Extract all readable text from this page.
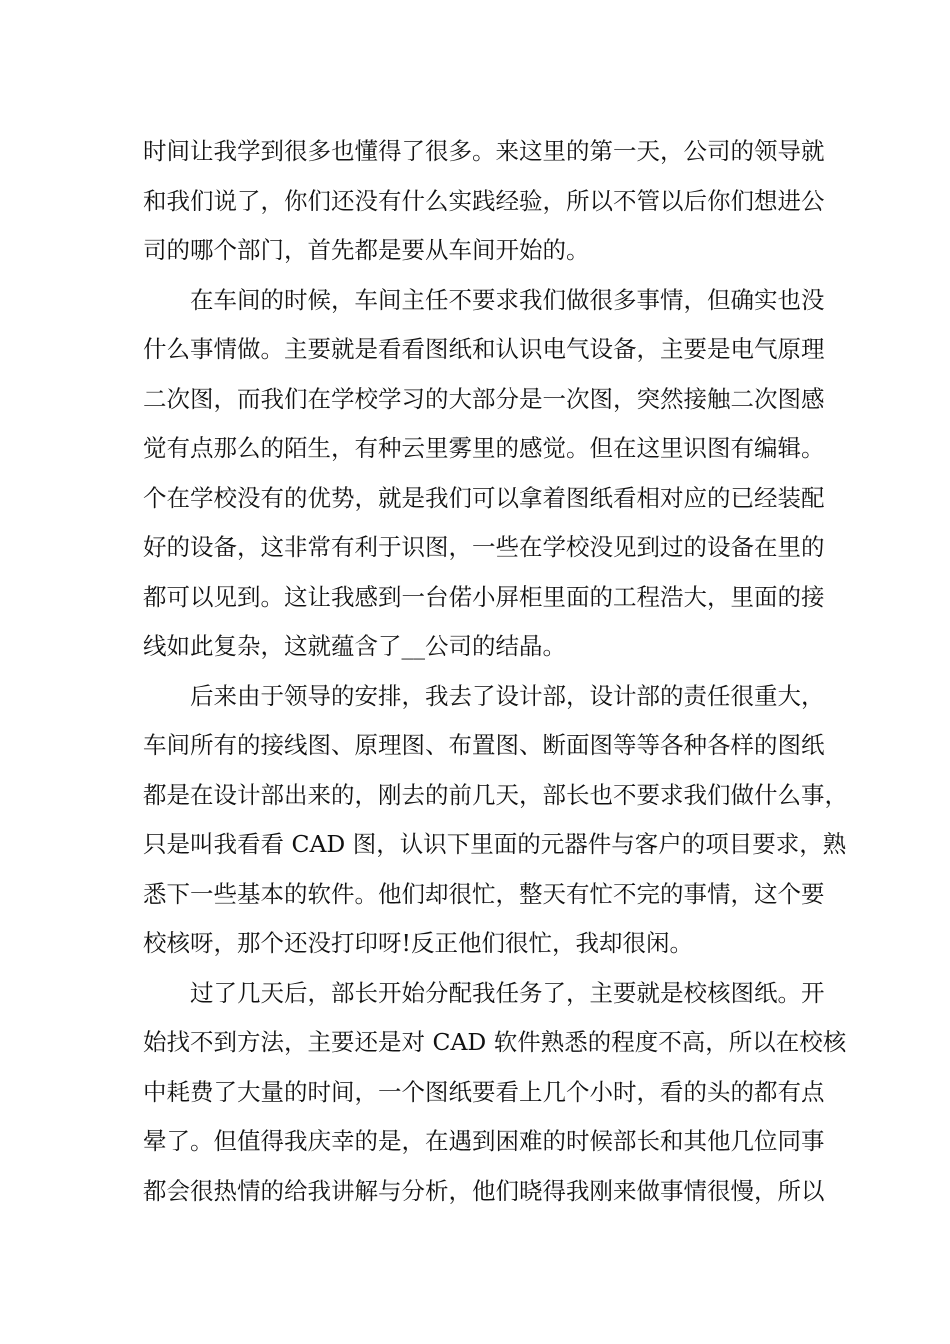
时间让我学到很多也懂得了很多。来这里的第一天，公司的领导就
和我们说了，你们还没有什么实践经验，所以不管以后你们想进公
司的哪个部门，首先都是要从车间开始的。
在车间的时候，车间主任不要求我们做很多事情，但确实也没
什么事情做。主要就是看看图纸和认识电气设备，主要是电气原理
二次图，而我们在学校学习的大部分是一次图，突然接触二次图感
觉有点那么的陌生，有种云里雾里的感觉。但在这里识图有编辑。
个在学校没有的优势，就是我们可以拿着图纸看相对应的已经装配
好的设备，这非常有利于识图，一些在学校没见到过的设备在里的
都可以见到。这让我感到一台偌小屏柜里面的工程浩大，里面的接
线如此复杂，这就蕴含了__公司的结晶。
后来由于领导的安排，我去了设计部，设计部的责任很重大，
车间所有的接线图、原理图、布置图、断面图等等各种各样的图纸
都是在设计部出来的，刚去的前几天，部长也不要求我们做什么事，
只是叫我看看 CAD 图，认识下里面的元器件与客户的项目要求，熟
悉下一些基本的软件。他们却很忙，整天有忙不完的事情，这个要
校核呀，那个还没打印呀!反正他们很忙，我却很闲。
过了几天后，部长开始分配我任务了，主要就是校核图纸。开
始找不到方法，主要还是对 CAD 软件熟悉的程度不高，所以在校核
中耗费了大量的时间，一个图纸要看上几个小时，看的头的都有点
晕了。但值得我庆幸的是，在遇到困难的时候部长和其他几位同事
都会很热情的给我讲解与分析，他们晓得我刚来做事情很慢，所以
